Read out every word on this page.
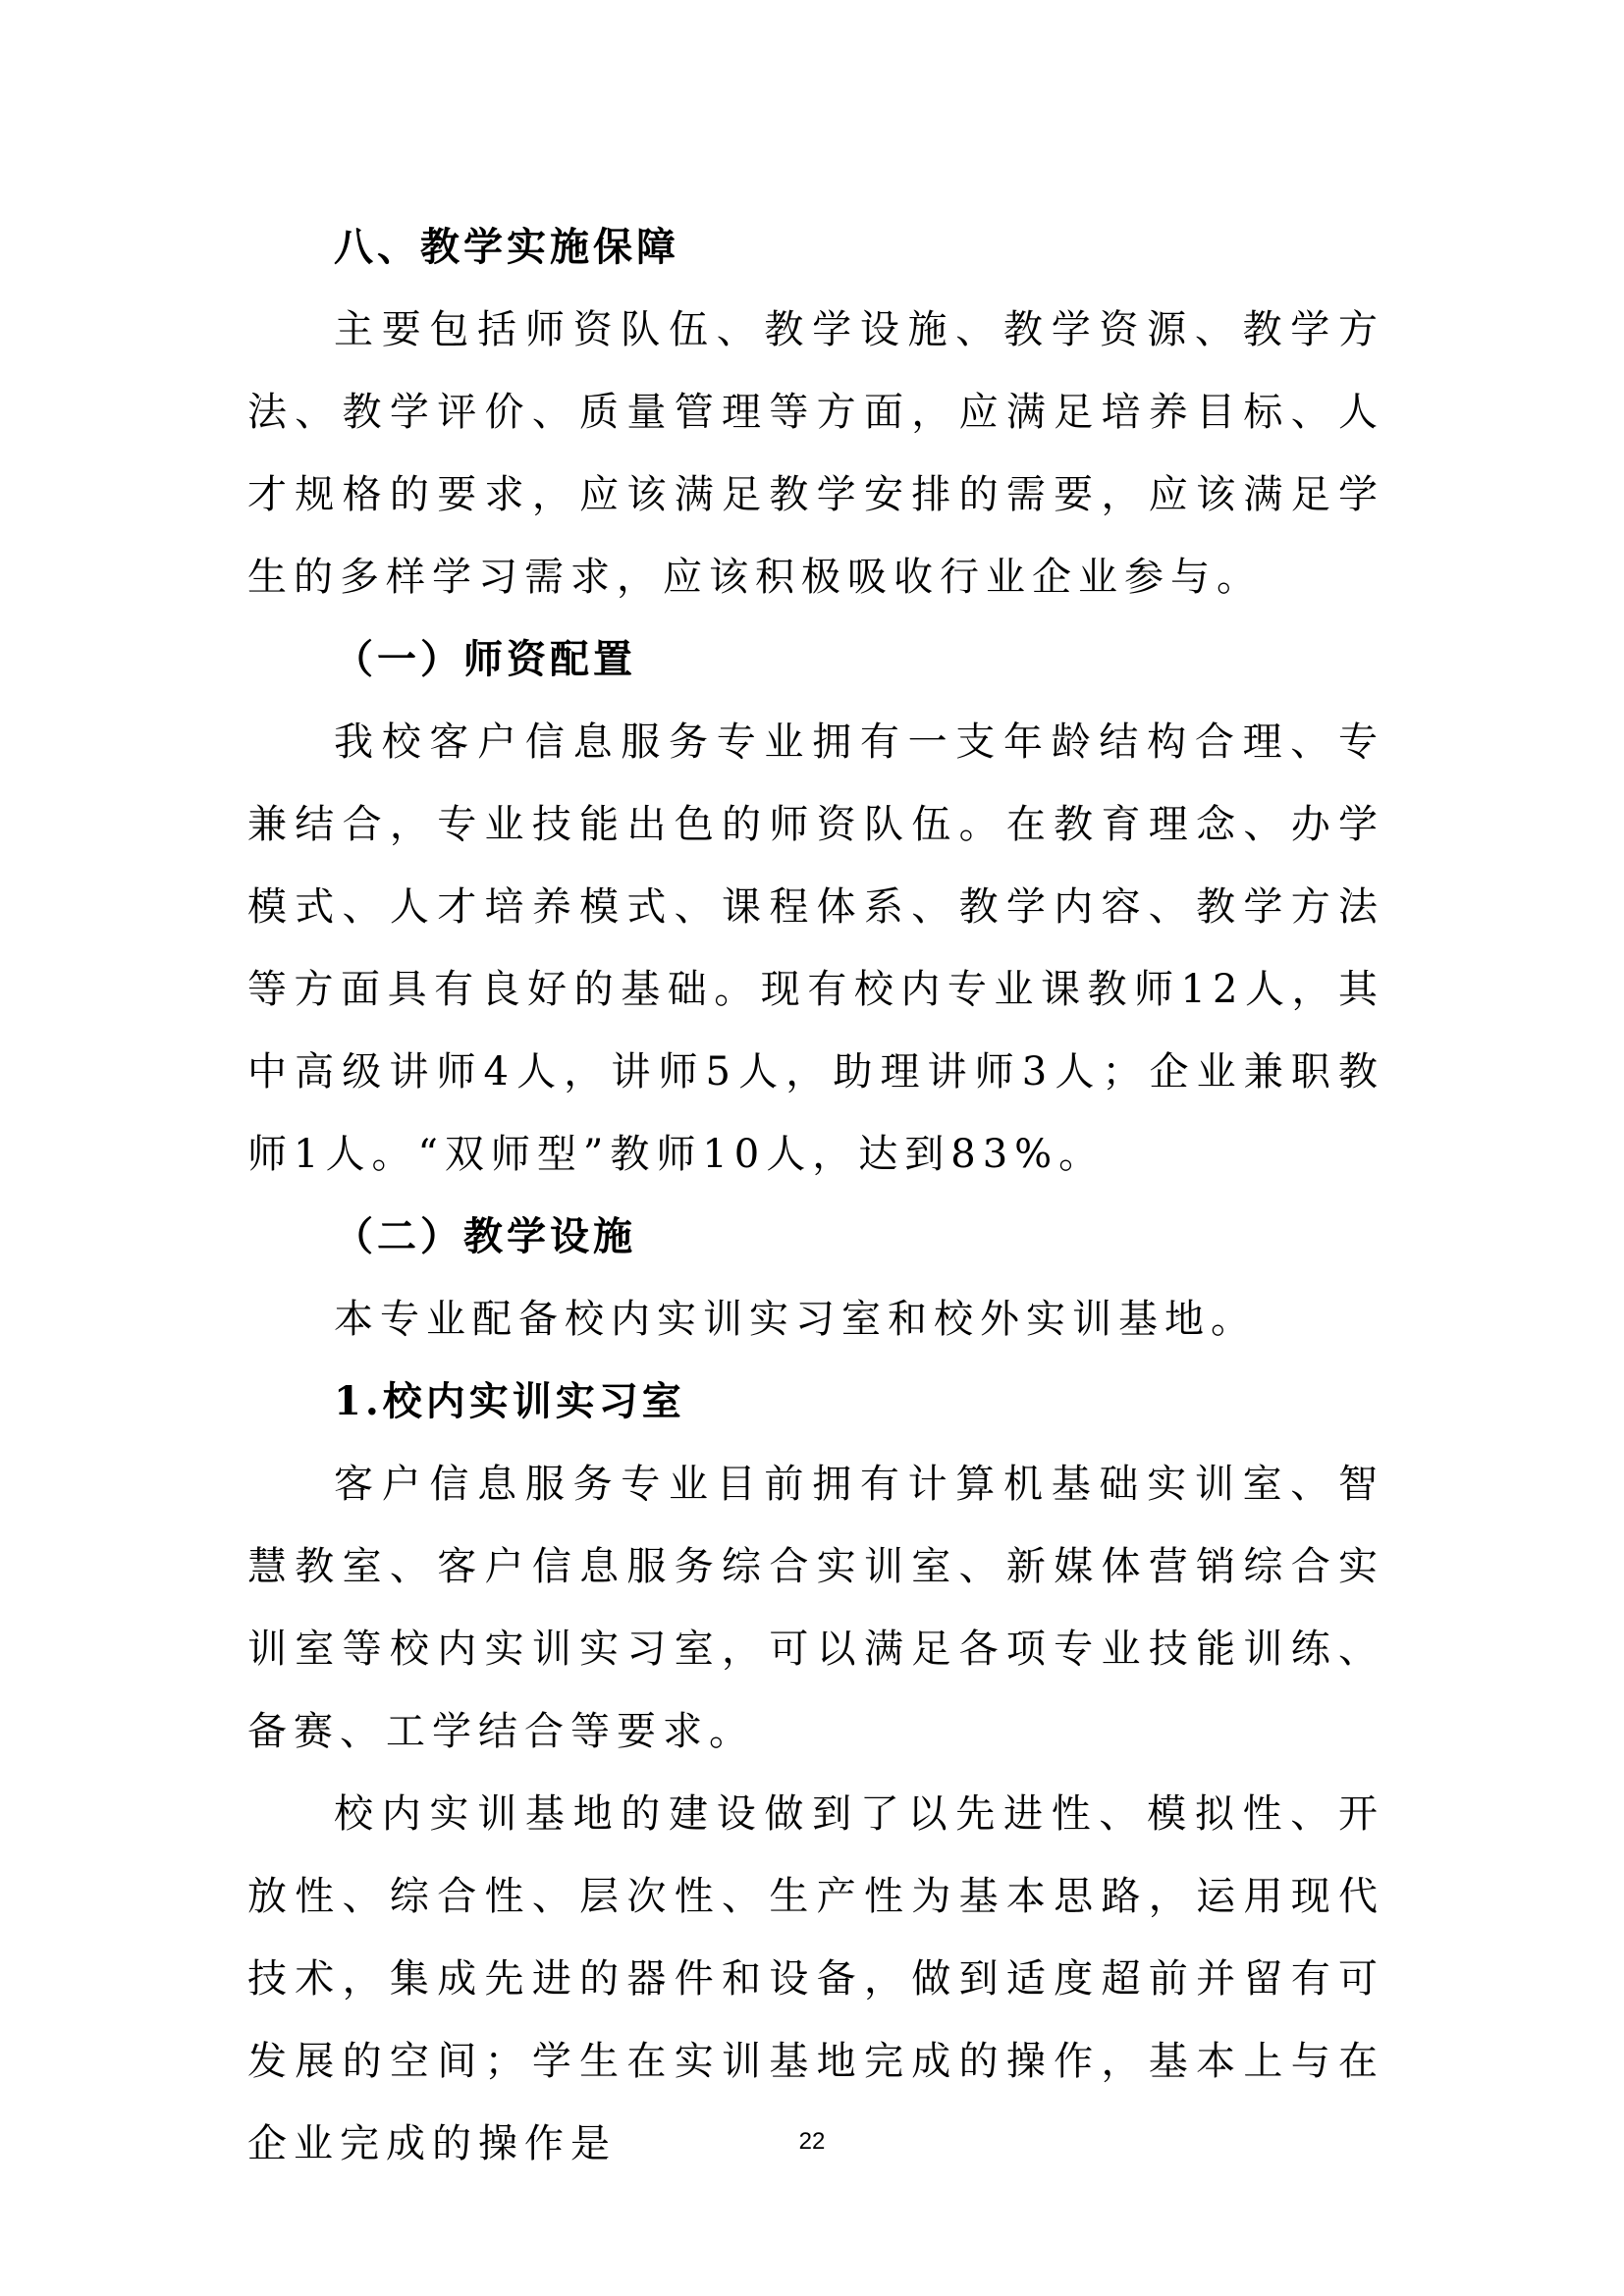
八、教学实施保障

主要包括师资队伍、教学设施、教学资源、教学方法、教学评价、质量管理等方面，应满足培养目标、人才规格的要求，应该满足教学安排的需要，应该满足学生的多样学习需求，应该积极吸收行业企业参与。

（一）师资配置

我校客户信息服务专业拥有一支年龄结构合理、专兼结合，专业技能出色的师资队伍。在教育理念、办学模式、人才培养模式、课程体系、教学内容、教学方法等方面具有良好的基础。现有校内专业课教师12人，其中高级讲师4人，讲师5人，助理讲师3人；企业兼职教师1人。“双师型”教师10人，达到83%。

（二）教学设施

本专业配备校内实训实习室和校外实训基地。

1.校内实训实习室

客户信息服务专业目前拥有计算机基础实训室、智慧教室、客户信息服务综合实训室、新媒体营销综合实训室等校内实训实习室，可以满足各项专业技能训练、备赛、工学结合等要求。

校内实训基地的建设做到了以先进性、模拟性、开放性、综合性、层次性、生产性为基本思路，运用现代技术，集成先进的器件和设备，做到适度超前并留有可发展的空间；学生在实训基地完成的操作，基本上与在企业完成的操作是	22
